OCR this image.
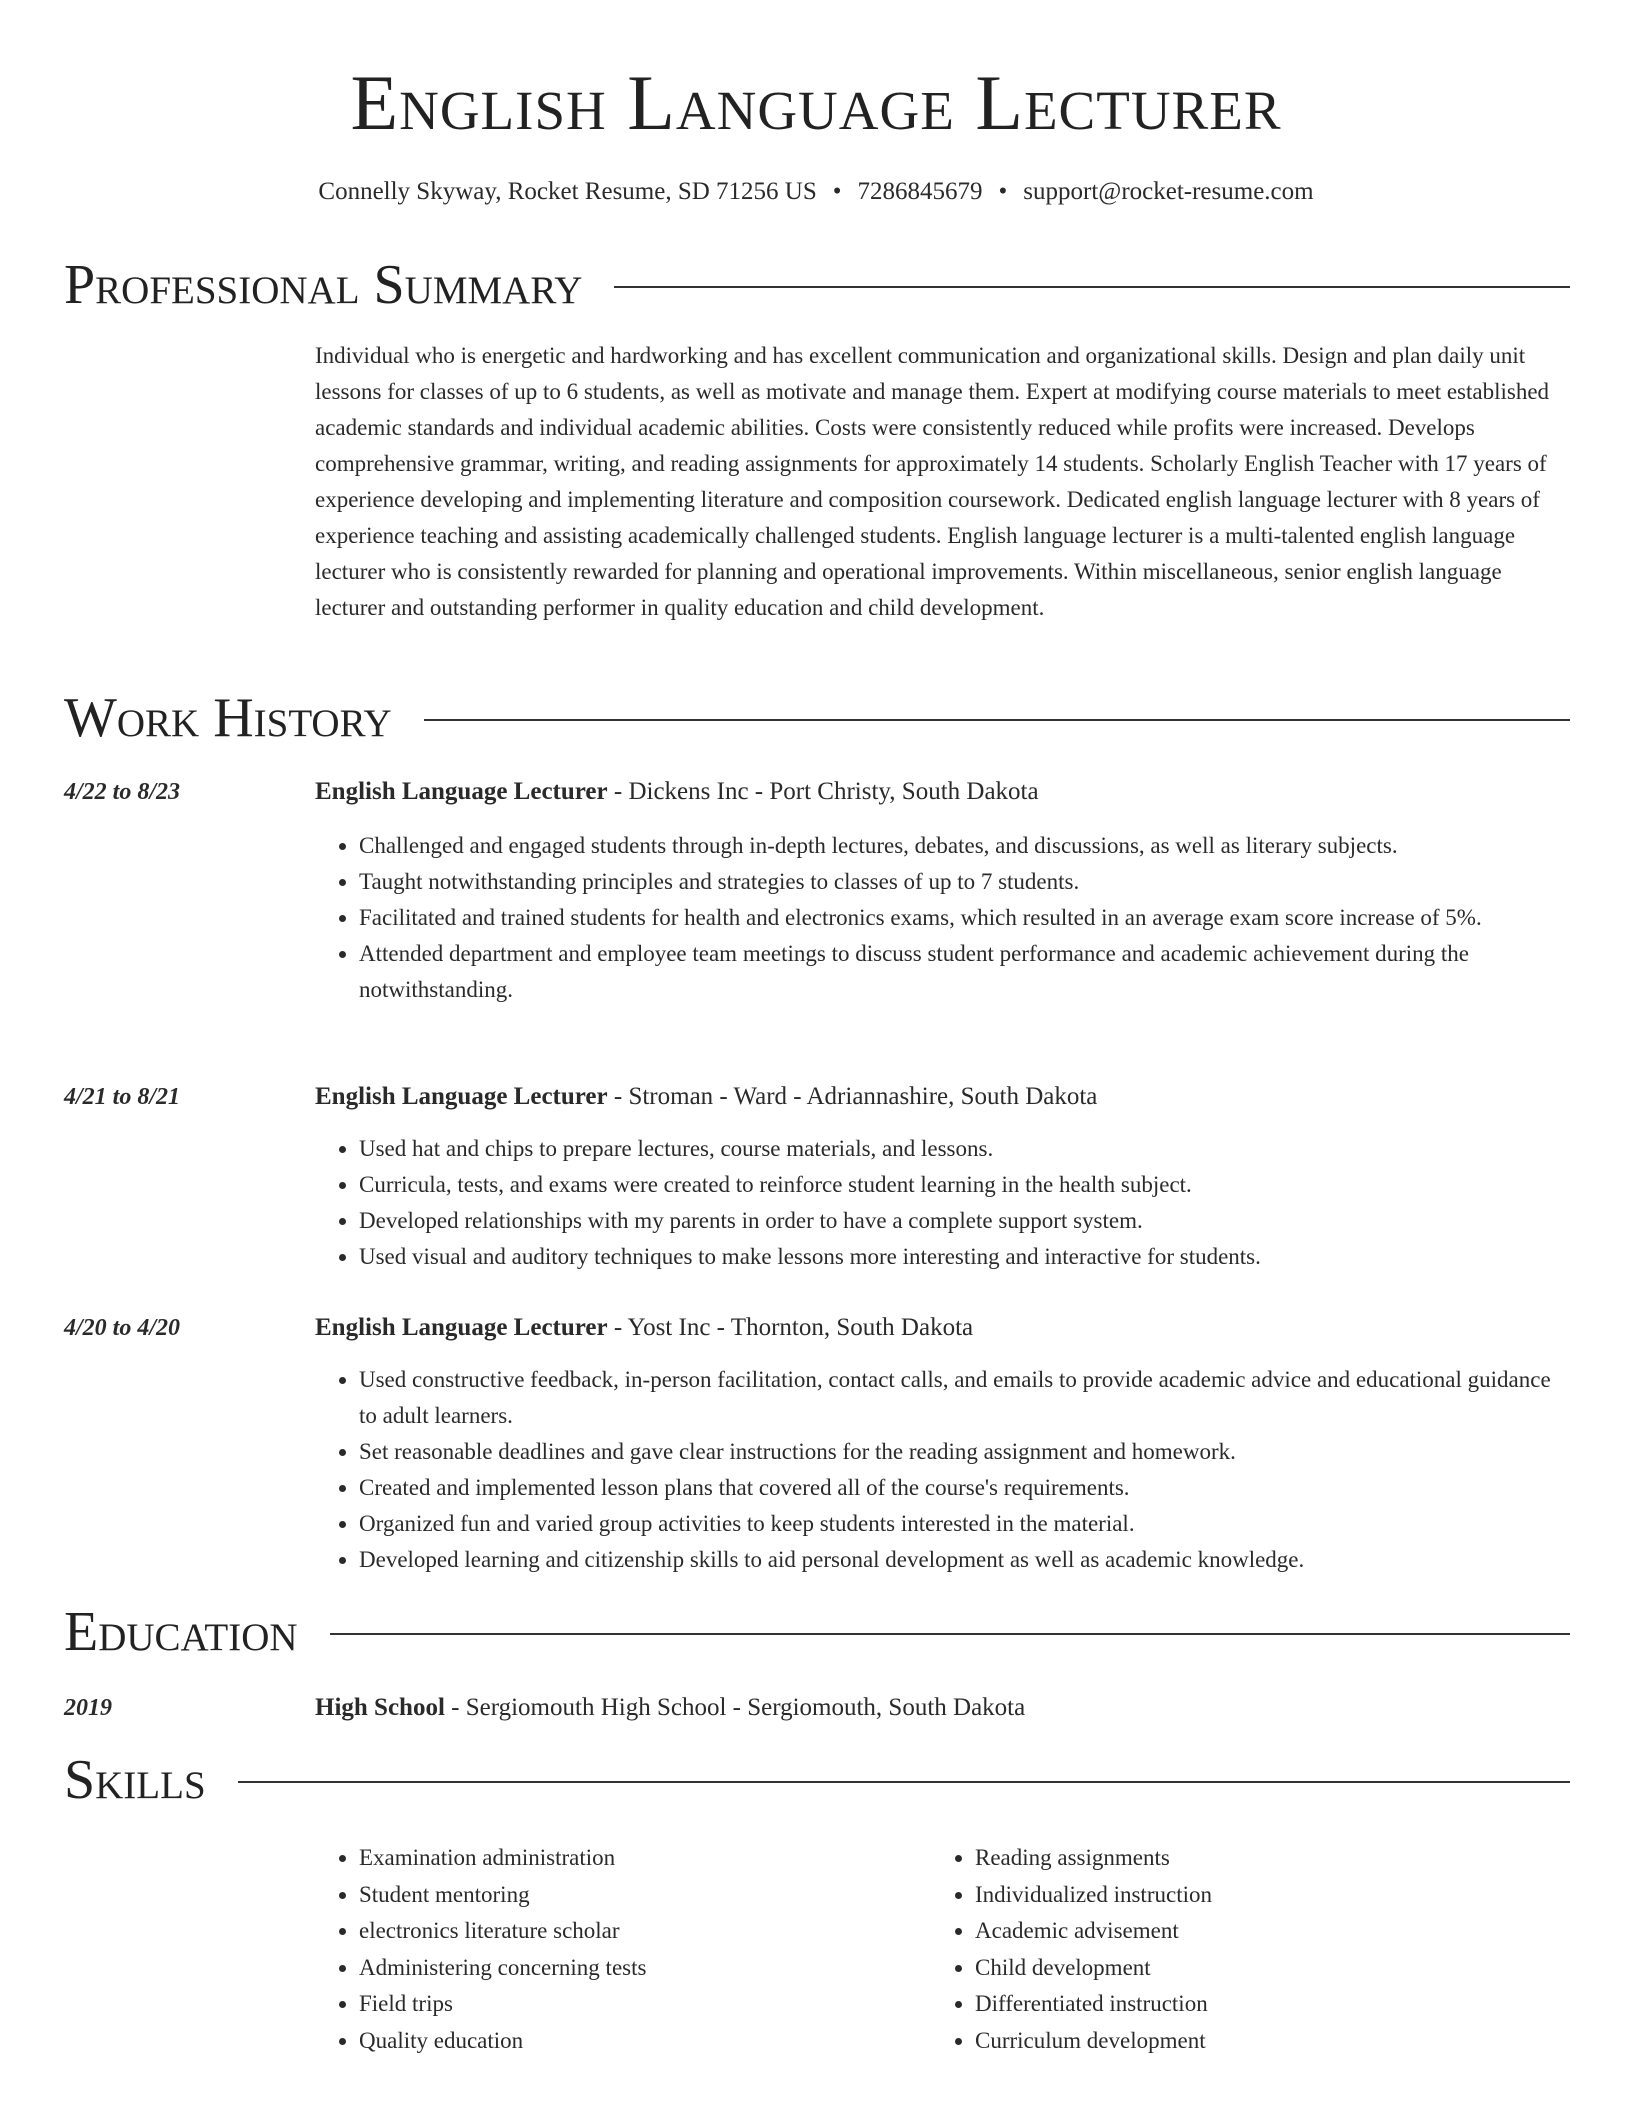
English Language Lecturer
Connelly Skyway, Rocket Resume, SD 71256 US • 7286845679 • support@rocket-resume.com
Professional Summary
Individual who is energetic and hardworking and has excellent communication and organizational skills. Design and plan daily unit lessons for classes of up to 6 students, as well as motivate and manage them. Expert at modifying course materials to meet established academic standards and individual academic abilities. Costs were consistently reduced while profits were increased. Develops comprehensive grammar, writing, and reading assignments for approximately 14 students. Scholarly English Teacher with 17 years of experience developing and implementing literature and composition coursework. Dedicated english language lecturer with 8 years of experience teaching and assisting academically challenged students. English language lecturer is a multi-talented english language lecturer who is consistently rewarded for planning and operational improvements. Within miscellaneous, senior english language lecturer and outstanding performer in quality education and child development.
Work History
4/22 to 8/23	English Language Lecturer - Dickens Inc - Port Christy, South Dakota
• Challenged and engaged students through in-depth lectures, debates, and discussions, as well as literary subjects.
• Taught notwithstanding principles and strategies to classes of up to 7 students.
• Facilitated and trained students for health and electronics exams, which resulted in an average exam score increase of 5%.
• Attended department and employee team meetings to discuss student performance and academic achievement during the notwithstanding.
4/21 to 8/21	English Language Lecturer - Stroman - Ward - Adriannashire, South Dakota
• Used hat and chips to prepare lectures, course materials, and lessons.
• Curricula, tests, and exams were created to reinforce student learning in the health subject.
• Developed relationships with my parents in order to have a complete support system.
• Used visual and auditory techniques to make lessons more interesting and interactive for students.
4/20 to 4/20	English Language Lecturer - Yost Inc - Thornton, South Dakota
• Used constructive feedback, in-person facilitation, contact calls, and emails to provide academic advice and educational guidance to adult learners.
• Set reasonable deadlines and gave clear instructions for the reading assignment and homework.
• Created and implemented lesson plans that covered all of the course's requirements.
• Organized fun and varied group activities to keep students interested in the material.
• Developed learning and citizenship skills to aid personal development as well as academic knowledge.
Education
2019	High School - Sergiomouth High School - Sergiomouth, South Dakota
Skills
• Examination administration
• Student mentoring
• electronics literature scholar
• Administering concerning tests
• Field trips
• Quality education
• Reading assignments
• Individualized instruction
• Academic advisement
• Child development
• Differentiated instruction
• Curriculum development
